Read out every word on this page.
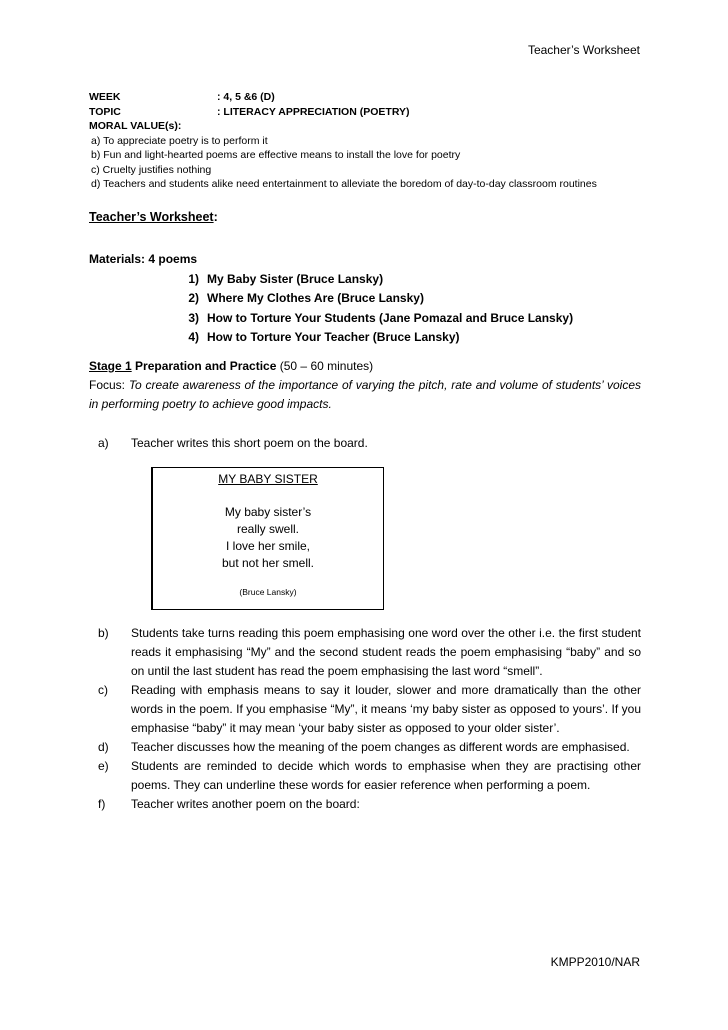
Teacher’s Worksheet
WEEK	: 4, 5 &6 (D)
TOPIC	: LITERACY APPRECIATION (POETRY)
MORAL VALUE(s):
a) To appreciate poetry is to perform it
b) Fun and light-hearted poems are effective means to install the love for poetry
c) Cruelty justifies nothing
d) Teachers and students alike need entertainment to alleviate the boredom of day-to-day classroom routines
Teacher’s Worksheet:
Materials: 4 poems
1) My Baby Sister (Bruce Lansky)
2) Where My Clothes Are (Bruce Lansky)
3) How to Torture Your Students (Jane Pomazal and Bruce Lansky)
4) How to Torture Your Teacher (Bruce Lansky)
Stage 1 Preparation and Practice (50 – 60 minutes)
Focus: To create awareness of the importance of varying the pitch, rate and volume of students’ voices in performing poetry to achieve good impacts.
a)	Teacher writes this short poem on the board.
MY BABY SISTER
My baby sister’s
really swell.
I love her smile,
but not her smell.
(Bruce Lansky)
b)	Students take turns reading this poem emphasising one word over the other i.e. the first student reads it emphasising “My” and the second student reads the poem emphasising “baby” and so on until the last student has read the poem emphasising the last word “smell”.
c)	Reading with emphasis means to say it louder, slower and more dramatically than the other words in the poem. If you emphasise “My”, it means ‘my baby sister as opposed to yours’. If you emphasise “baby” it may mean ‘your baby sister as opposed to your older sister’.
d)	Teacher discusses how the meaning of the poem changes as different words are emphasised.
e)	Students are reminded to decide which words to emphasise when they are practising other poems. They can underline these words for easier reference when performing a poem.
f)	Teacher writes another poem on the board:
KMPP2010/NAR
